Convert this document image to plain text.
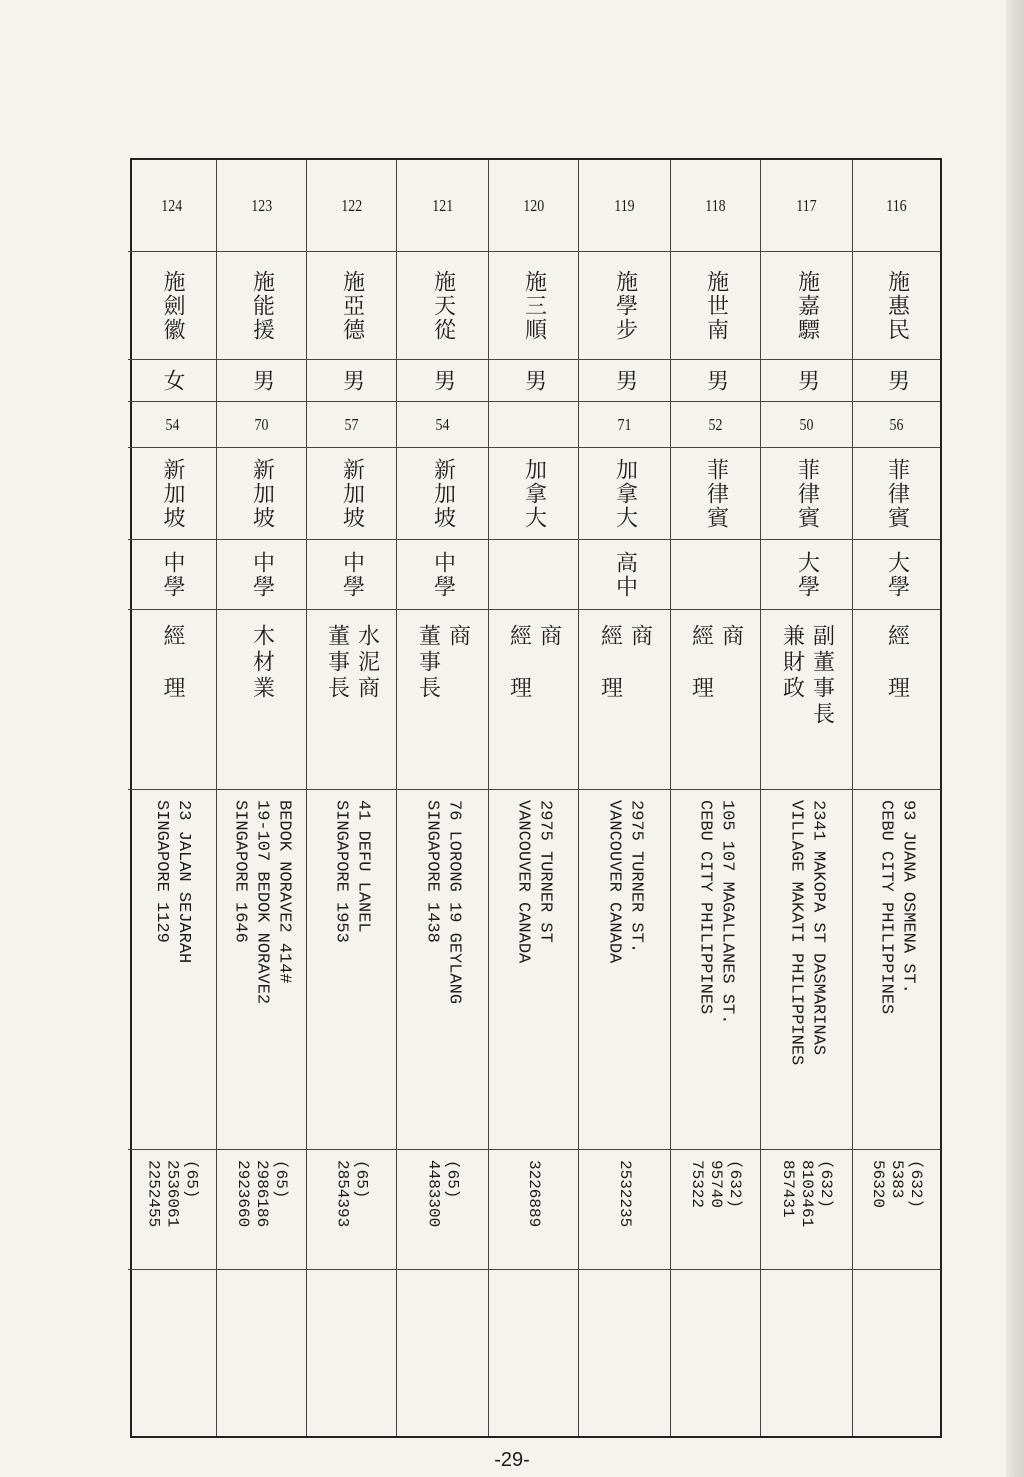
116
施惠民
男
56
菲律賓
大學
經　理
93 JUANA OSMENA ST.
CEBU CITY PHILIPPINES
(632)
5383
56320
117
施嘉驃
男
50
菲律賓
大學
副董事長
兼財政
2341 MAKOPA ST DASMARINAS
VILLAGE MAKATI PHILIPPINES
(632)
8103461
857431
118
施世南
男
52
菲律賓
商
經　理
105 107 MAGALLANES ST.
CEBU CITY PHILIPPINES
(632)
95740
75322
119
施學步
男
71
加拿大
高中
商
經　理
2975 TURNER ST.
VANCOUVER CANADA
2532235
120
施三順
男
加拿大
商
經　理
2975 TURNER ST
VANCOUVER CANADA
3226889
121
施天從
男
54
新加坡
中學
商
董事長
76 LORONG 19 GEYLANG
SINGAPORE 1438
(65)
4483300
122
施亞德
男
57
新加坡
中學
水泥商
董事長
41 DEFU LANEL
SINGAPORE 1953
(65)
2854393
123
施能援
男
70
新加坡
中學
木材業
BEDOK NORAVE2 414#
19-107 BEDOK NORAVE2
SINGAPORE 1646
(65)
2986186
2923660
124
施劍徽
女
54
新加坡
中學
經　理
23 JALAN SEJARAH
SINGAPORE 1129
(65)
2536061
2252455
-29-
